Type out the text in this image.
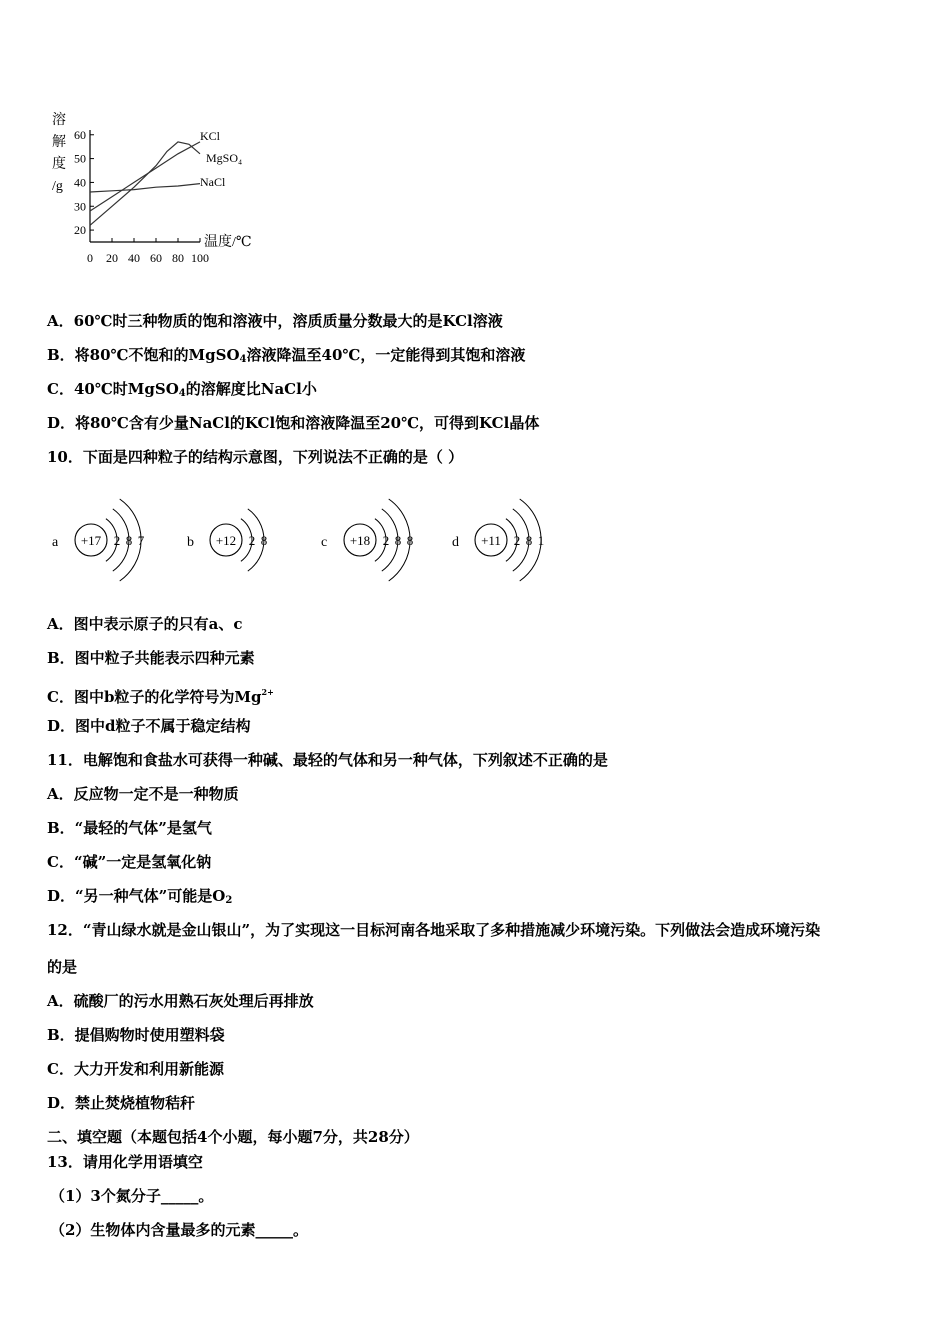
溶
解
度
/g
20
30
40
50
60
0 20 40 60 80 100
KCl
MgSO₄
NaCl
温度/℃
A．60℃时三种物质的饱和溶液中，溶质质量分数最大的是KCl溶液
B．将80℃不饱和的MgSO$_4$溶液降温至40℃，一定能得到其饱和溶液
C．40℃时MgSO$_4$的溶解度比NaCl小
D．将80℃含有少量NaCl的KCl饱和溶液降温至20℃，可得到KCl晶体
10．下面是四种粒子的结构示意图，下列说法不正确的是（ ）
a +17 2 8 7	b +12 2 8	c +18 2 8 8	d +11 2 8 1
A．图中表示原子的只有a、c
B．图中粒子共能表示四种元素
C．图中b粒子的化学符号为$Mg^{2+}$
D．图中d粒子不属于稳定结构
11．电解饱和食盐水可获得一种碱、最轻的气体和另一种气体，下列叙述不正确的是
A．反应物一定不是一种物质
B．“最轻的气体”是氢气
C．“碱”一定是氢氧化钠
D．“另一种气体”可能是$O_2$
12．“青山绿水就是金山银山”，为了实现这一目标河南各地采取了多种措施减少环境污染。下列做法会造成环境污染
的是
A．硫酸厂的污水用熟石灰处理后再排放
B．提倡购物时使用塑料袋
C．大力开发和利用新能源
D．禁止焚烧植物秸秆
二、填空题（本题包括4个小题，每小题7分，共28分）
13．请用化学用语填空
（1）3个氮分子_____。
（2）生物体内含量最多的元素_____。
